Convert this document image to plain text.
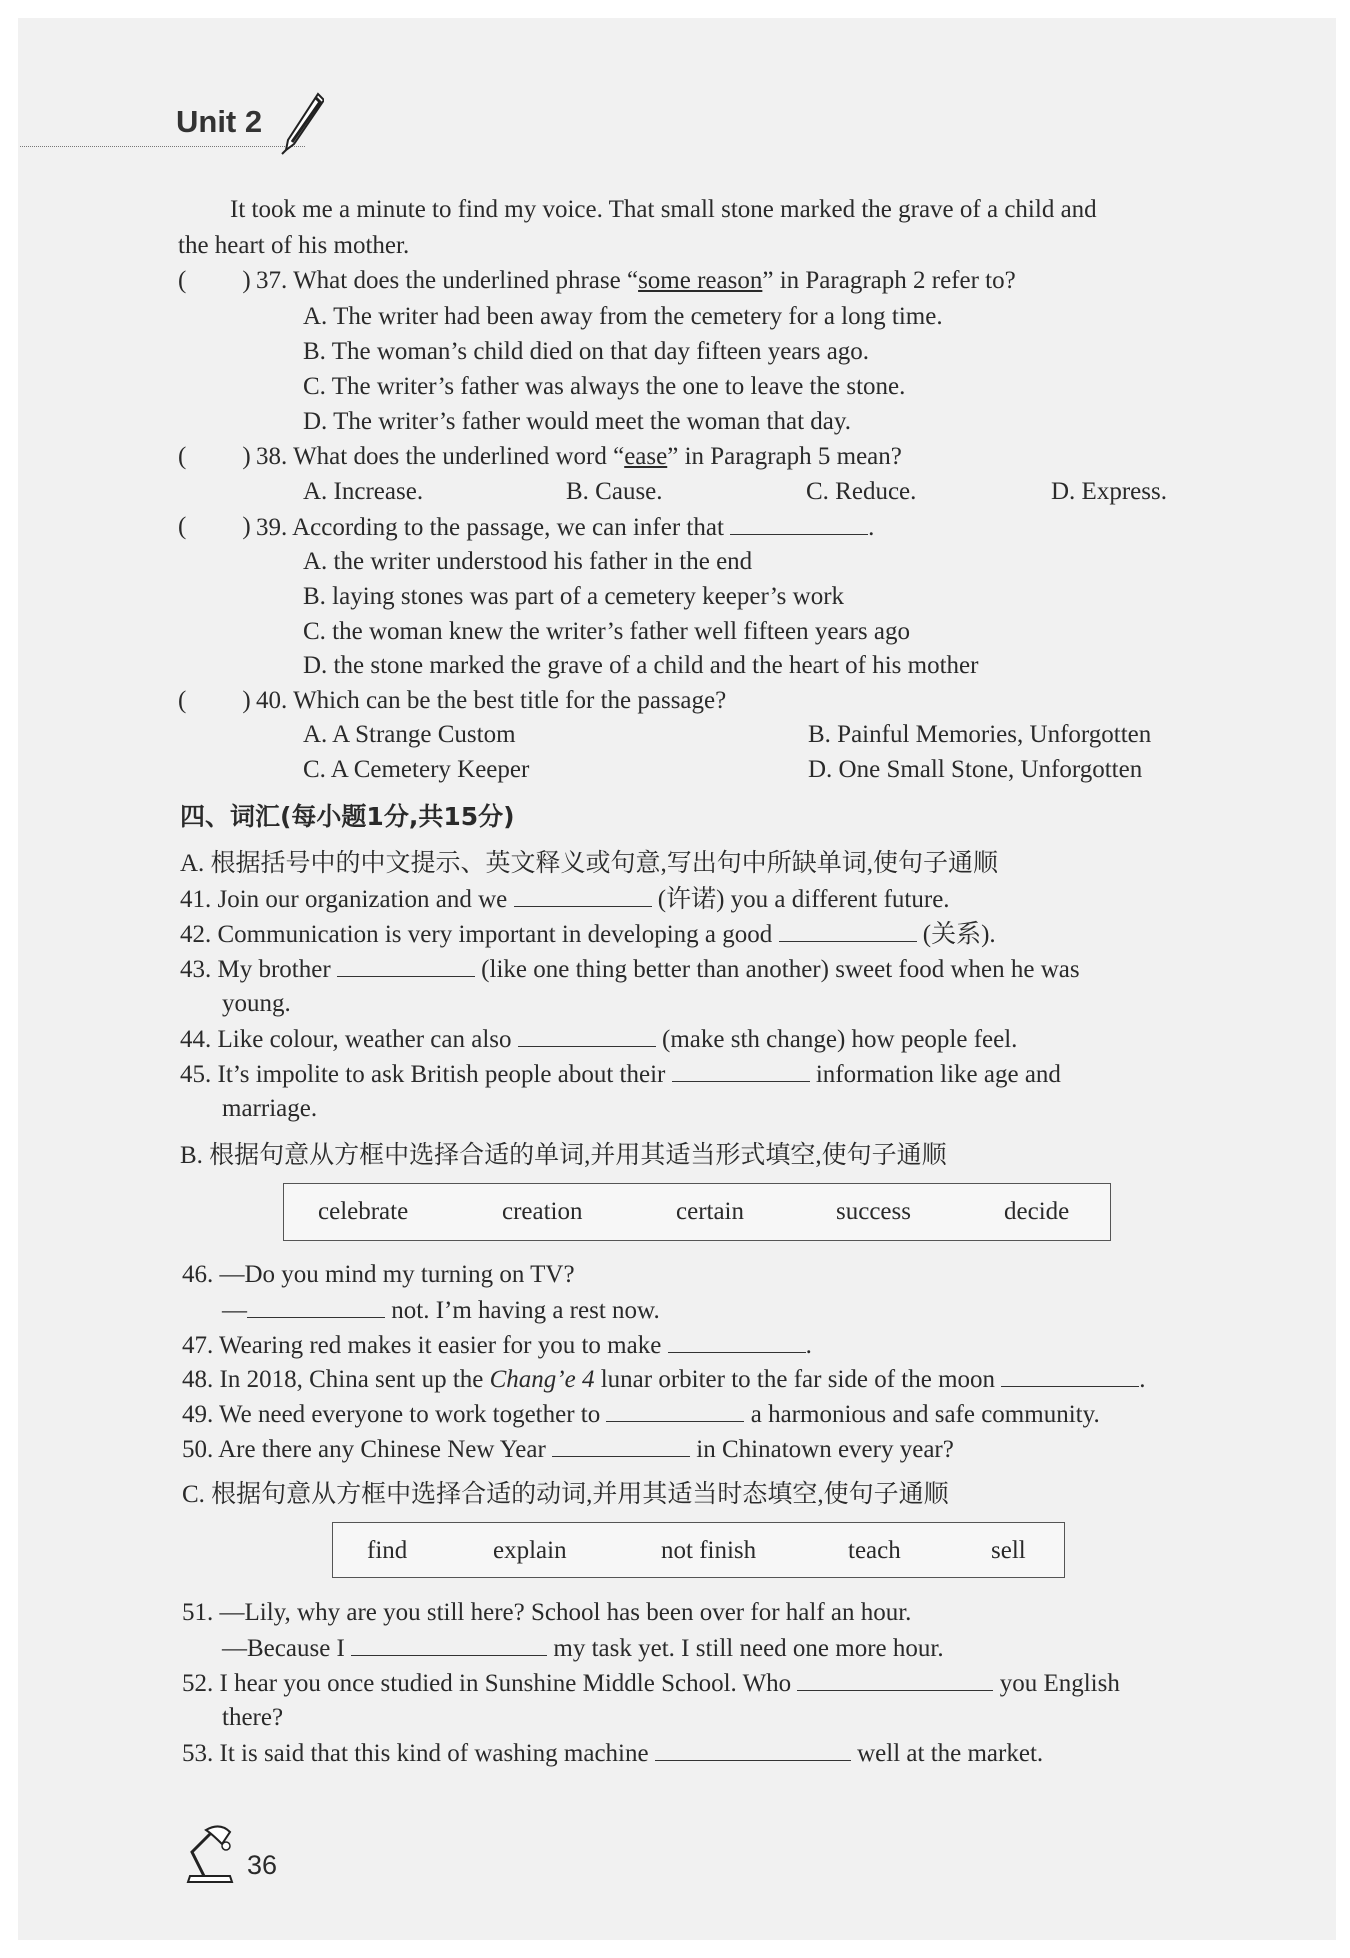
Unit 2
It took me a minute to find my voice. That small stone marked the grave of a child and
the heart of his mother.
( ) 37. What does the underlined phrase “some reason” in Paragraph 2 refer to?
A. The writer had been away from the cemetery for a long time.
B. The woman’s child died on that day fifteen years ago.
C. The writer’s father was always the one to leave the stone.
D. The writer’s father would meet the woman that day.
( ) 38. What does the underlined word “ease” in Paragraph 5 mean?
A. Increase.	B. Cause.	C. Reduce.	D. Express.
( ) 39. According to the passage, we can infer that	.
A. the writer understood his father in the end
B. laying stones was part of a cemetery keeper’s work
C. the woman knew the writer’s father well fifteen years ago
D. the stone marked the grave of a child and the heart of his mother
( ) 40. Which can be the best title for the passage?
A. A Strange Custom	B. Painful Memories, Unforgotten
C. A Cemetery Keeper	D. One Small Stone, Unforgotten
四、词汇(每小题1分,共15分)
A. 根据括号中的中文提示、英文释义或句意,写出句中所缺单词,使句子通顺
41. Join our organization and we	(许诺) you a different future.
42. Communication is very important in developing a good	(关系).
43. My brother	(like one thing better than another) sweet food when he was
young.
44. Like colour, weather can also	(make sth change) how people feel.
45. It’s impolite to ask British people about their	information like age and
marriage.
B. 根据句意从方框中选择合适的单词,并用其适当形式填空,使句子通顺
celebrate	creation	certain	success	decide
46. —Do you mind my turning on TV?
—	not. I’m having a rest now.
47. Wearing red makes it easier for you to make	.
48. In 2018, China sent up the Chang’e 4 lunar orbiter to the far side of the moon	.
49. We need everyone to work together to	a harmonious and safe community.
50. Are there any Chinese New Year	in Chinatown every year?
C. 根据句意从方框中选择合适的动词,并用其适当时态填空,使句子通顺
find	explain	not finish	teach	sell
51. —Lily, why are you still here? School has been over for half an hour.
—Because I	my task yet. I still need one more hour.
52. I hear you once studied in Sunshine Middle School. Who	you English
there?
53. It is said that this kind of washing machine	well at the market.
36
